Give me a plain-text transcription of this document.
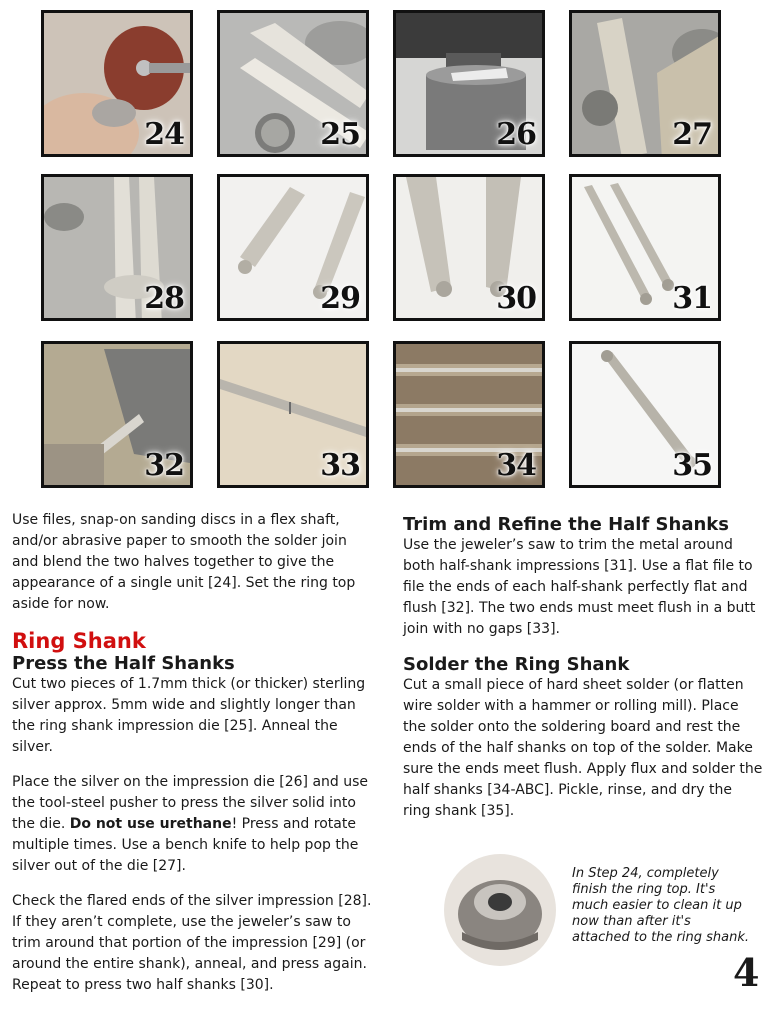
24	25	26	27
28	29	30	31
32	33	34	35

Use files, snap-on sanding discs in a flex shaft, and/or abrasive paper to smooth the solder join and blend the two halves together to give the appearance of a single unit [24]. Set the ring top aside for now.

Ring Shank
Press the Half Shanks

Cut two pieces of 1.7mm thick (or thicker) sterling silver approx. 5mm wide and slightly longer than the ring shank impression die [25]. Anneal the silver.

Place the silver on the impression die [26] and use the tool-steel pusher to press the silver solid into the die. Do not use urethane! Press and rotate multiple times. Use a bench knife to help pop the silver out of the die [27].

Check the flared ends of the silver impression [28]. If they aren’t complete, use the jeweler’s saw to trim around that portion of the impression [29] (or around the entire shank), anneal, and press again. Repeat to press two half shanks [30].

Trim and Refine the Half Shanks

Use the jeweler’s saw to trim the metal around both half-shank impressions [31]. Use a flat file to file the ends of each half-shank perfectly flat and flush [32]. The two ends must meet flush in a butt join with no gaps [33].

Solder the Ring Shank

Cut a small piece of hard sheet solder (or flatten wire solder with a hammer or rolling mill). Place the solder onto the soldering board and rest the ends of the half shanks on top of the solder. Make sure the ends meet flush. Apply flux and solder the half shanks [34-ABC]. Pickle, rinse, and dry the ring shank [35].

In Step 24, completely finish the ring top. It's much easier to clean it up now than after it's attached to the ring shank.
4
